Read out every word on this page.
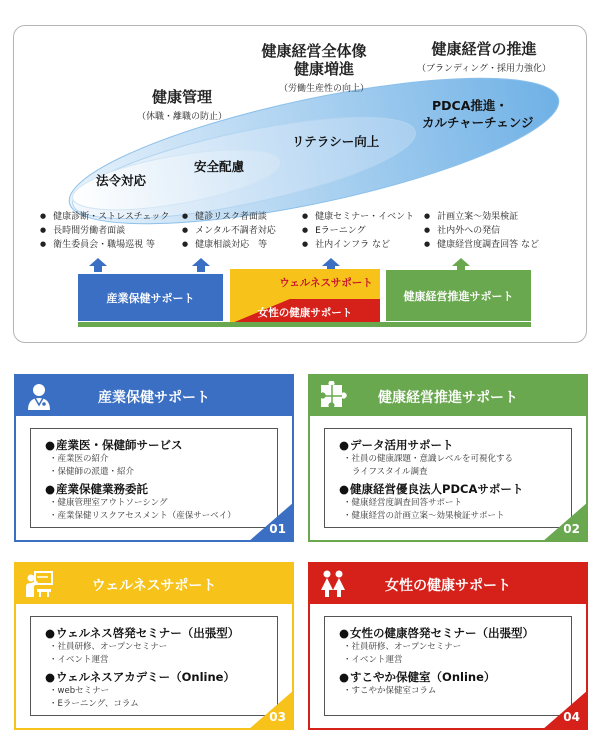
健康経営全体像
健康管理
（休職・離職の防止）
健康増進
（労働生産性の向上）
健康経営の推進
（ブランディング・採用力強化）
法令対応
安全配慮
リテラシー向上
PDCA推進・
カルチャーチェンジ
● 健康診断・ストレスチェック
● 長時間労働者面談
● 衛生委員会・職場巡視 等
● 健診リスク者面談
● メンタル不調者対応
● 健康相談対応　等
● 健康セミナー・イベント
● Eラーニング
● 社内インフラ など
● 計画立案～効果検証
● 社内外への発信
● 健康経営度調査回答 など
産業保健サポート
ウェルネスサポート
女性の健康サポート
健康経営推進サポート
産業保健サポート
● 産業医・保健師サービス
・ 産業医の紹介
・ 保健師の派遣・紹介
● 産業保健業務委託
・ 健康管理室アウトソーシング
・ 産業保健リスクアセスメント（産保サーベイ）
01
健康経営推進サポート
● データ活用サポート
・ 社員の健康課題・意識レベルを可視化する
ライフスタイル調査
● 健康経営優良法人PDCAサポート
・ 健康経営度調査回答サポート
・ 健康経営の計画立案～効果検証サポート
02
ウェルネスサポート
● ウェルネス啓発セミナー（出張型）
・ 社員研修、オープンセミナー
・ イベント運営
● ウェルネスアカデミー（Online）
・ webセミナー
・ Eラーニング、コラム
03
女性の健康サポート
● 女性の健康啓発セミナー（出張型）
・ 社員研修、オープンセミナー
・ イベント運営
● すこやか保健室（Online）
・ すこやか保健室コラム
04
